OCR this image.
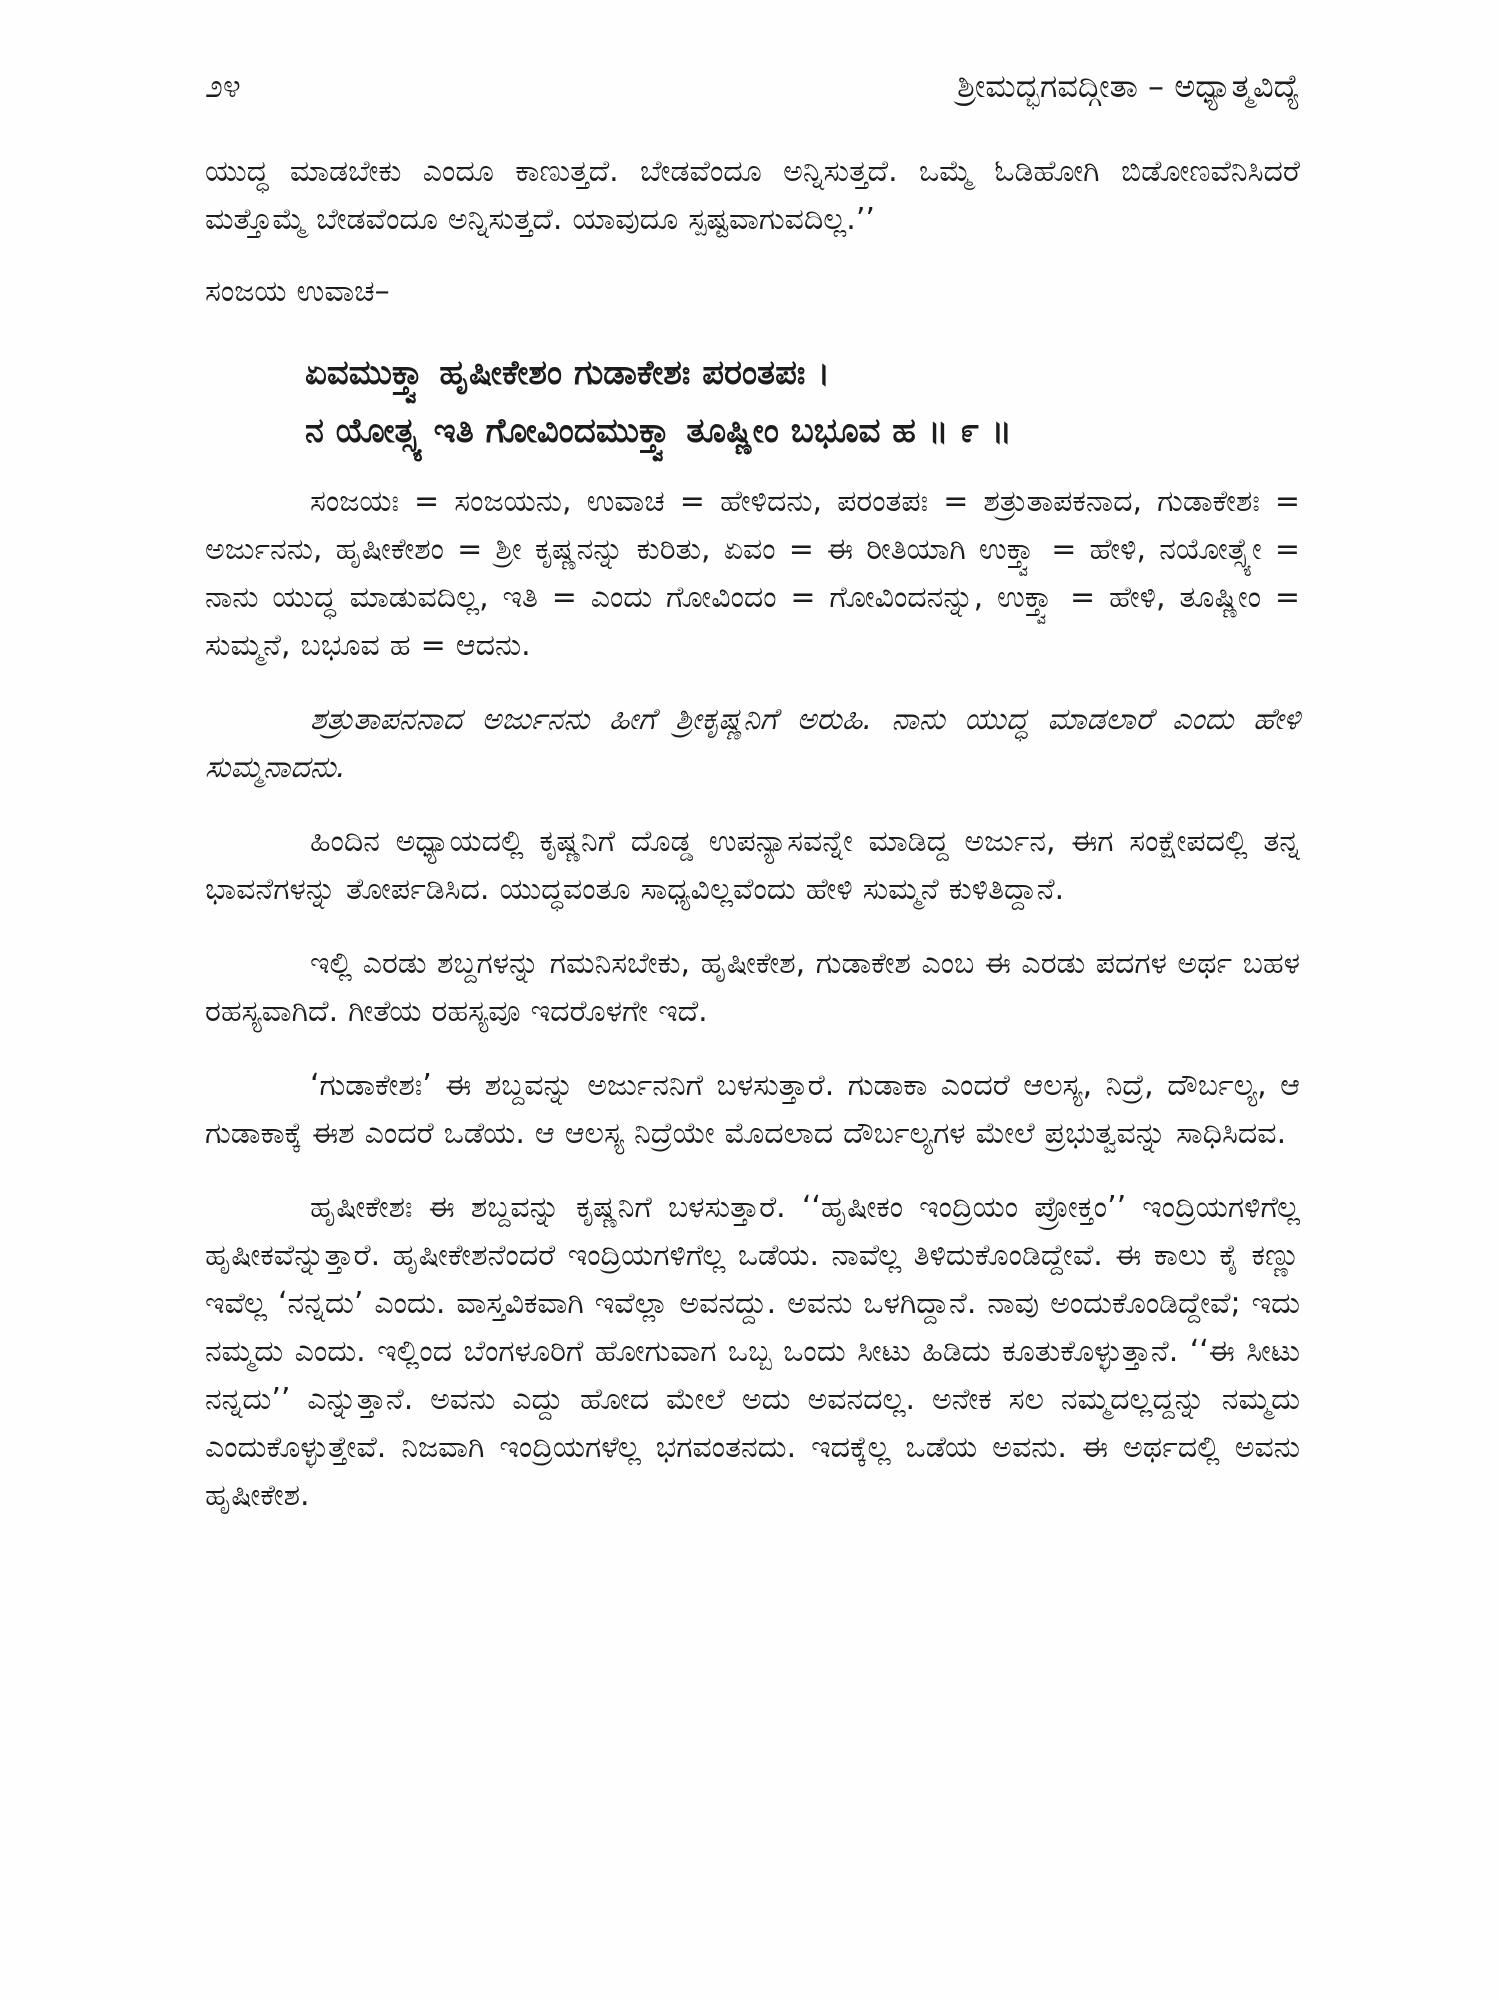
೨೪	ಶ್ರೀಮದ್ಭಗವದ್ಗೀತಾ – ಅಧ್ಯಾತ್ಮವಿದ್ಯೆ

ಯುದ್ಧ ಮಾಡಬೇಕು ಎಂದೂ ಕಾಣುತ್ತದೆ. ಬೇಡವೆಂದೂ ಅನ್ನಿಸುತ್ತದೆ. ಒಮ್ಮೆ ಓಡಿಹೋಗಿ ಬಿಡೋಣವೆನಿಸಿದರೆ ಮತ್ತೊಮ್ಮೆ ಬೇಡವೆಂದೂ ಅನ್ನಿಸುತ್ತದೆ. ಯಾವುದೂ ಸ್ಪಷ್ಟವಾಗುವದಿಲ್ಲ.’’

ಸಂಜಯ ಉವಾಚ–

ಏವಮುಕ್ತ್ವಾ ಹೃಷೀಕೇಶಂ ಗುಡಾಕೇಶಃ ಪರಂತಪಃ ।
ನ ಯೋತ್ಸ್ಯ ಇತಿ ಗೋವಿಂದಮುಕ್ತ್ವಾ ತೂಷ್ಣೀಂ ಬಭೂವ ಹ ॥ ೯ ॥

ಸಂಜಯಃ = ಸಂಜಯನು, ಉವಾಚ = ಹೇಳಿದನು, ಪರಂತಪಃ = ಶತ್ರುತಾಪಕನಾದ, ಗುಡಾಕೇಶಃ = ಅರ್ಜುನನು, ಹೃಷೀಕೇಶಂ = ಶ್ರೀ ಕೃಷ್ಣನನ್ನು ಕುರಿತು, ಏವಂ = ಈ ರೀತಿಯಾಗಿ ಉಕ್ತ್ವಾ = ಹೇಳಿ, ನಯೋತ್ಸ್ಯೇ = ನಾನು ಯುದ್ಧ ಮಾಡುವದಿಲ್ಲ, ಇತಿ = ಎಂದು ಗೋವಿಂದಂ = ಗೋವಿಂದನನ್ನು, ಉಕ್ತ್ವಾ = ಹೇಳಿ, ತೂಷ್ಣೀಂ = ಸುಮ್ಮನೆ, ಬಭೂವ ಹ = ಆದನು.

ಶತ್ರುತಾಪನನಾದ ಅರ್ಜುನನು ಹೀಗೆ ಶ್ರೀಕೃಷ್ಣನಿಗೆ ಅರುಹಿ. ನಾನು ಯುದ್ಧ ಮಾಡಲಾರೆ ಎಂದು ಹೇಳಿ ಸುಮ್ಮನಾದನು.

ಹಿಂದಿನ ಅಧ್ಯಾಯದಲ್ಲಿ ಕೃಷ್ಣನಿಗೆ ದೊಡ್ಡ ಉಪನ್ಯಾಸವನ್ನೇ ಮಾಡಿದ್ದ ಅರ್ಜುನ, ಈಗ ಸಂಕ್ಷೇಪದಲ್ಲಿ ತನ್ನ ಭಾವನೆಗಳನ್ನು ತೋರ್ಪಡಿಸಿದ. ಯುದ್ಧವಂತೂ ಸಾಧ್ಯವಿಲ್ಲವೆಂದು ಹೇಳಿ ಸುಮ್ಮನೆ ಕುಳಿತಿದ್ದಾನೆ.

ಇಲ್ಲಿ ಎರಡು ಶಬ್ದಗಳನ್ನು ಗಮನಿಸಬೇಕು, ಹೃಷೀಕೇಶ, ಗುಡಾಕೇಶ ಎಂಬ ಈ ಎರಡು ಪದಗಳ ಅರ್ಥ ಬಹಳ ರಹಸ್ಯವಾಗಿದೆ. ಗೀತೆಯ ರಹಸ್ಯವೂ ಇದರೊಳಗೇ ಇದೆ.

‘ಗುಡಾಕೇಶಃ’ ಈ ಶಬ್ದವನ್ನು ಅರ್ಜುನನಿಗೆ ಬಳಸುತ್ತಾರೆ. ಗುಡಾಕಾ ಎಂದರೆ ಆಲಸ್ಯ, ನಿದ್ರೆ, ದೌರ್ಬಲ್ಯ, ಆ ಗುಡಾಕಾಕ್ಕೆ ಈಶ ಎಂದರೆ ಒಡೆಯ. ಆ ಆಲಸ್ಯ ನಿದ್ರೆಯೇ ಮೊದಲಾದ ದೌರ್ಬಲ್ಯಗಳ ಮೇಲೆ ಪ್ರಭುತ್ವವನ್ನು ಸಾಧಿಸಿದವ.

ಹೃಷೀಕೇಶಃ ಈ ಶಬ್ದವನ್ನು ಕೃಷ್ಣನಿಗೆ ಬಳಸುತ್ತಾರೆ. ‘‘ಹೃಷೀಕಂ ಇಂದ್ರಿಯಂ ಪ್ರೋಕ್ತಂ’’ ಇಂದ್ರಿಯಗಳಿಗೆಲ್ಲ ಹೃಷೀಕವೆನ್ನುತ್ತಾರೆ. ಹೃಷೀಕೇಶನೆಂದರೆ ಇಂದ್ರಿಯಗಳಿಗೆಲ್ಲ ಒಡೆಯ. ನಾವೆಲ್ಲ ತಿಳಿದುಕೊಂಡಿದ್ದೇವೆ. ಈ ಕಾಲು ಕೈ ಕಣ್ಣು ಇವೆಲ್ಲ ‘ನನ್ನದು’ ಎಂದು. ವಾಸ್ತವಿಕವಾಗಿ ಇವೆಲ್ಲಾ ಅವನದ್ದು. ಅವನು ಒಳಗಿದ್ದಾನೆ. ನಾವು ಅಂದುಕೊಂಡಿದ್ದೇವೆ; ಇದು ನಮ್ಮದು ಎಂದು. ಇಲ್ಲಿಂದ ಬೆಂಗಳೂರಿಗೆ ಹೋಗುವಾಗ ಒಬ್ಬ ಒಂದು ಸೀಟು ಹಿಡಿದು ಕೂತುಕೊಳ್ಳುತ್ತಾನೆ. ‘‘ಈ ಸೀಟು ನನ್ನದು’’ ಎನ್ನುತ್ತಾನೆ. ಅವನು ಎದ್ದು ಹೋದ ಮೇಲೆ ಅದು ಅವನದಲ್ಲ. ಅನೇಕ ಸಲ ನಮ್ಮದಲ್ಲದ್ದನ್ನು ನಮ್ಮದು ಎಂದುಕೊಳ್ಳುತ್ತೇವೆ. ನಿಜವಾಗಿ ಇಂದ್ರಿಯಗಳೆಲ್ಲ ಭಗವಂತನದು. ಇದಕ್ಕೆಲ್ಲ ಒಡೆಯ ಅವನು. ಈ ಅರ್ಥದಲ್ಲಿ ಅವನು ಹೃಷೀಕೇಶ.
